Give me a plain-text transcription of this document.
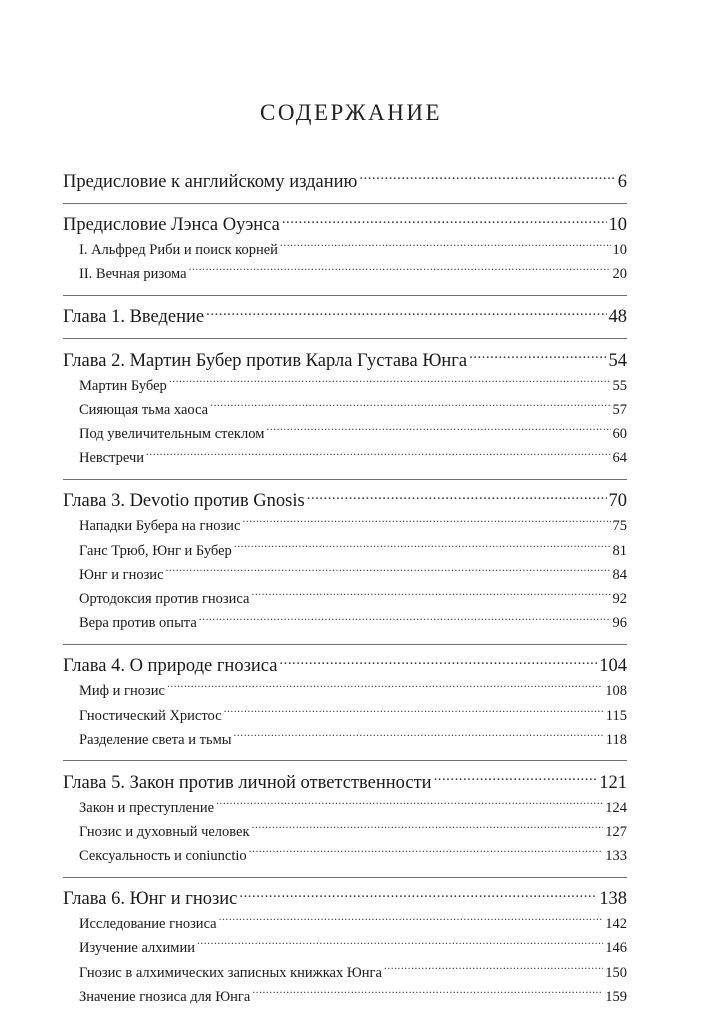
СОДЕРЖАНИЕ
Предисловие к английскому изданию .....	6
Предисловие Лэнса Оуэнса .....	10
I. Альфред Риби и поиск корней .....	10
II. Вечная ризома .....	20
Глава 1. Введение .....	48
Глава 2. Мартин Бубер против Карла Густава Юнга .....	54
Мартин Бубер .....	55
Сияющая тьма хаоса .....	57
Под увеличительным стеклом .....	60
Невстречи .....	64
Глава 3. Devotio против Gnosis .....	70
Нападки Бубера на гнозис .....	75
Ганс Трюб, Юнг и Бубер .....	81
Юнг и гнозис .....	84
Ортодоксия против гнозиса .....	92
Вера против опыта .....	96
Глава 4. О природе гнозиса .....	104
Миф и гнозис .....	108
Гностический Христос .....	115
Разделение света и тьмы .....	118
Глава 5. Закон против личной ответственности .....	121
Закон и преступление .....	124
Гнозис и духовный человек .....	127
Сексуальность и coniunctio .....	133
Глава 6. Юнг и гнозис .....	138
Исследование гнозиса .....	142
Изучение алхимии .....	146
Гнозис в алхимических записных книжках Юнга .....	150
Значение гнозиса для Юнга .....	159
